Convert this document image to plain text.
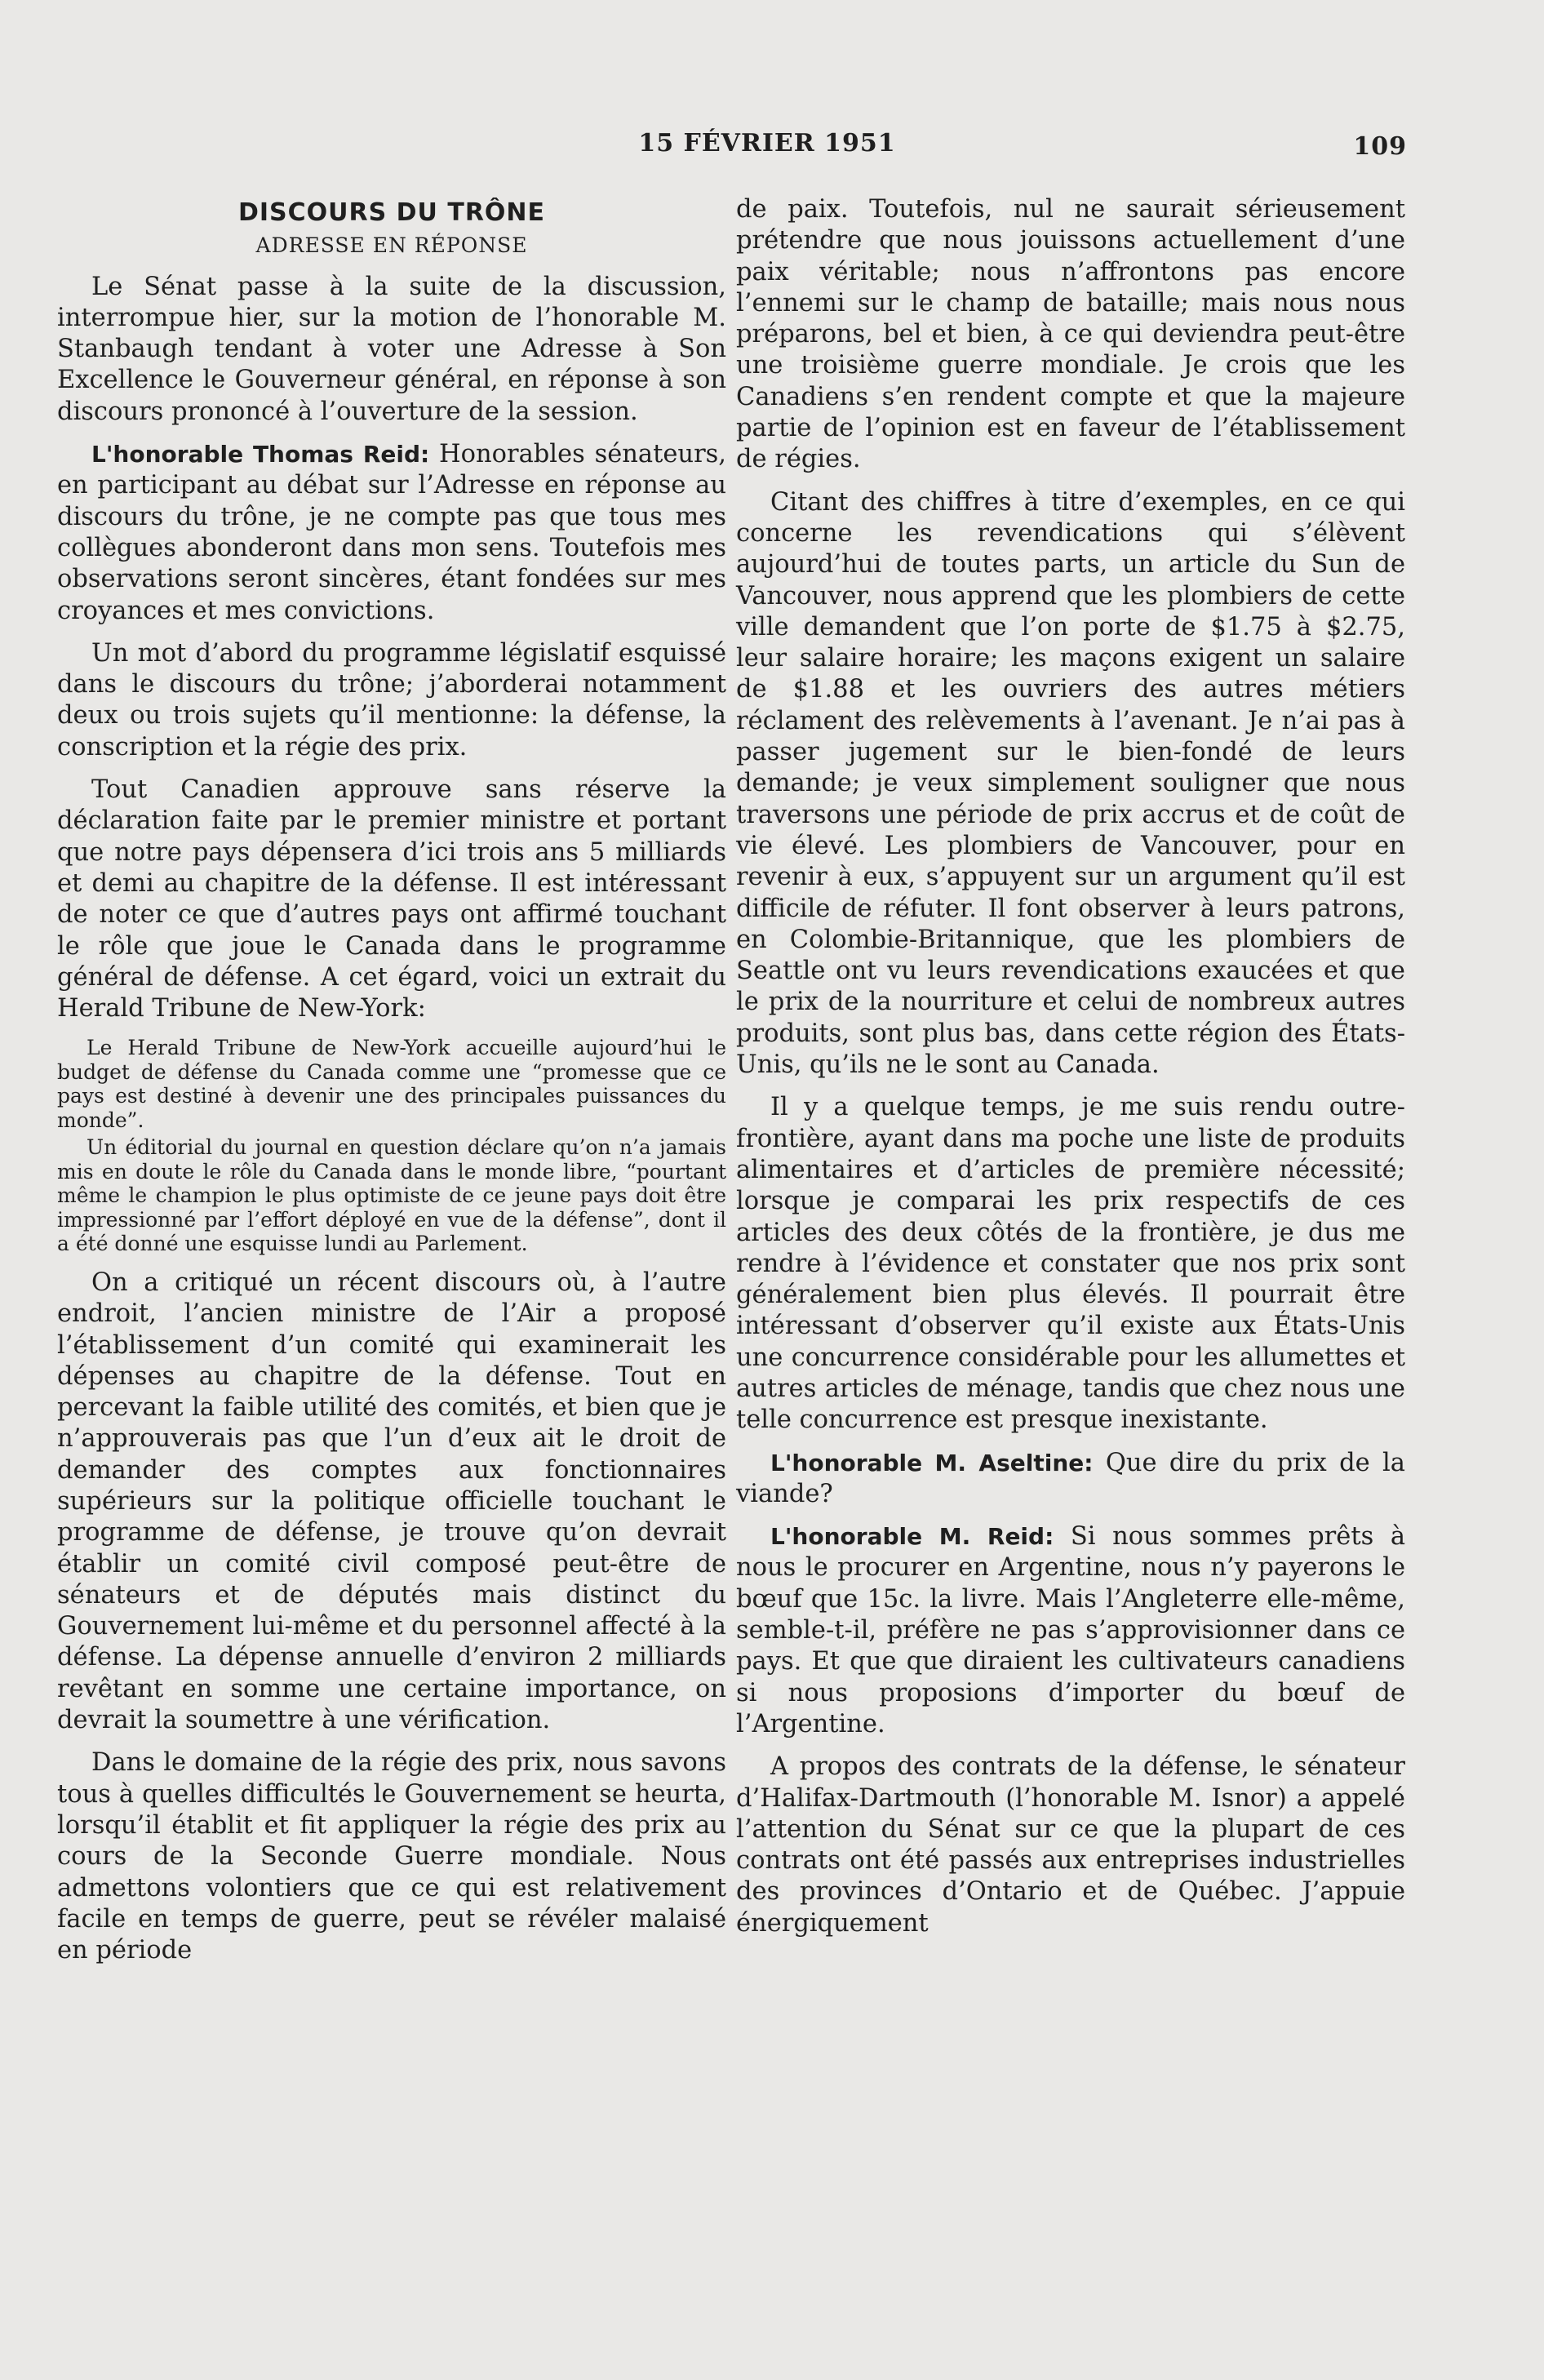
15 FÉVRIER 1951	109
DISCOURS DU TRÔNE
ADRESSE EN RÉPONSE

Le Sénat passe à la suite de la discussion, interrompue hier, sur la motion de l’honorable M. Stanbaugh tendant à voter une Adresse à Son Excellence le Gouverneur général, en réponse à son discours prononcé à l’ouverture de la session.

L'honorable Thomas Reid: Honorables sénateurs, en participant au débat sur l’Adresse en réponse au discours du trône, je ne compte pas que tous mes collègues abonderont dans mon sens. Toutefois mes observations seront sincères, étant fondées sur mes croyances et mes convictions.

Un mot d’abord du programme législatif esquissé dans le discours du trône; j’aborderai notamment deux ou trois sujets qu’il mentionne: la défense, la conscription et la régie des prix.

Tout Canadien approuve sans réserve la déclaration faite par le premier ministre et portant que notre pays dépensera d’ici trois ans 5 milliards et demi au chapitre de la défense. Il est intéressant de noter ce que d’autres pays ont affirmé touchant le rôle que joue le Canada dans le programme général de défense. A cet égard, voici un extrait du Herald Tribune de New-York:

Le Herald Tribune de New-York accueille aujourd’hui le budget de défense du Canada comme une “promesse que ce pays est destiné à devenir une des principales puissances du monde”.

Un éditorial du journal en question déclare qu’on n’a jamais mis en doute le rôle du Canada dans le monde libre, “pourtant même le champion le plus optimiste de ce jeune pays doit être impressionné par l’effort déployé en vue de la défense”, dont il a été donné une esquisse lundi au Parlement.

On a critiqué un récent discours où, à l’autre endroit, l’ancien ministre de l’Air a proposé l’établissement d’un comité qui examinerait les dépenses au chapitre de la défense. Tout en percevant la faible utilité des comités, et bien que je n’approuverais pas que l’un d’eux ait le droit de demander des comptes aux fonctionnaires supérieurs sur la politique officielle touchant le programme de défense, je trouve qu’on devrait établir un comité civil composé peut-être de sénateurs et de députés mais distinct du Gouvernement lui-même et du personnel affecté à la défense. La dépense annuelle d’environ 2 milliards revêtant en somme une certaine importance, on devrait la soumettre à une vérification.

Dans le domaine de la régie des prix, nous savons tous à quelles difficultés le Gouvernement se heurta, lorsqu’il établit et fit appliquer la régie des prix au cours de la Seconde Guerre mondiale. Nous admettons volontiers que ce qui est relativement facile en temps de guerre, peut se révéler malaisé en période

de paix. Toutefois, nul ne saurait sérieusement prétendre que nous jouissons actuellement d’une paix véritable; nous n’affrontons pas encore l’ennemi sur le champ de bataille; mais nous nous préparons, bel et bien, à ce qui deviendra peut-être une troisième guerre mondiale. Je crois que les Canadiens s’en rendent compte et que la majeure partie de l’opinion est en faveur de l’établissement de régies.

Citant des chiffres à titre d’exemples, en ce qui concerne les revendications qui s’élèvent aujourd’hui de toutes parts, un article du Sun de Vancouver, nous apprend que les plombiers de cette ville demandent que l’on porte de $1.75 à $2.75, leur salaire horaire; les maçons exigent un salaire de $1.88 et les ouvriers des autres métiers réclament des relèvements à l’avenant. Je n’ai pas à passer jugement sur le bien-fondé de leurs demande; je veux simplement souligner que nous traversons une période de prix accrus et de coût de vie élevé. Les plombiers de Vancouver, pour en revenir à eux, s’appuyent sur un argument qu’il est difficile de réfuter. Il font observer à leurs patrons, en Colombie-Britannique, que les plombiers de Seattle ont vu leurs revendications exaucées et que le prix de la nourriture et celui de nombreux autres produits, sont plus bas, dans cette région des États-Unis, qu’ils ne le sont au Canada.

Il y a quelque temps, je me suis rendu outre-frontière, ayant dans ma poche une liste de produits alimentaires et d’articles de première nécessité; lorsque je comparai les prix respectifs de ces articles des deux côtés de la frontière, je dus me rendre à l’évidence et constater que nos prix sont généralement bien plus élevés. Il pourrait être intéressant d’observer qu’il existe aux États-Unis une concurrence considérable pour les allumettes et autres articles de ménage, tandis que chez nous une telle concurrence est presque inexistante.

L'honorable M. Aseltine: Que dire du prix de la viande?

L'honorable M. Reid: Si nous sommes prêts à nous le procurer en Argentine, nous n’y payerons le bœuf que 15c. la livre. Mais l’Angleterre elle-même, semble-t-il, préfère ne pas s’approvisionner dans ce pays. Et que que diraient les cultivateurs canadiens si nous proposions d’importer du bœuf de l’Argentine.

A propos des contrats de la défense, le sénateur d’Halifax-Dartmouth (l’honorable M. Isnor) a appelé l’attention du Sénat sur ce que la plupart de ces contrats ont été passés aux entreprises industrielles des provinces d’Ontario et de Québec. J’appuie énergiquement
